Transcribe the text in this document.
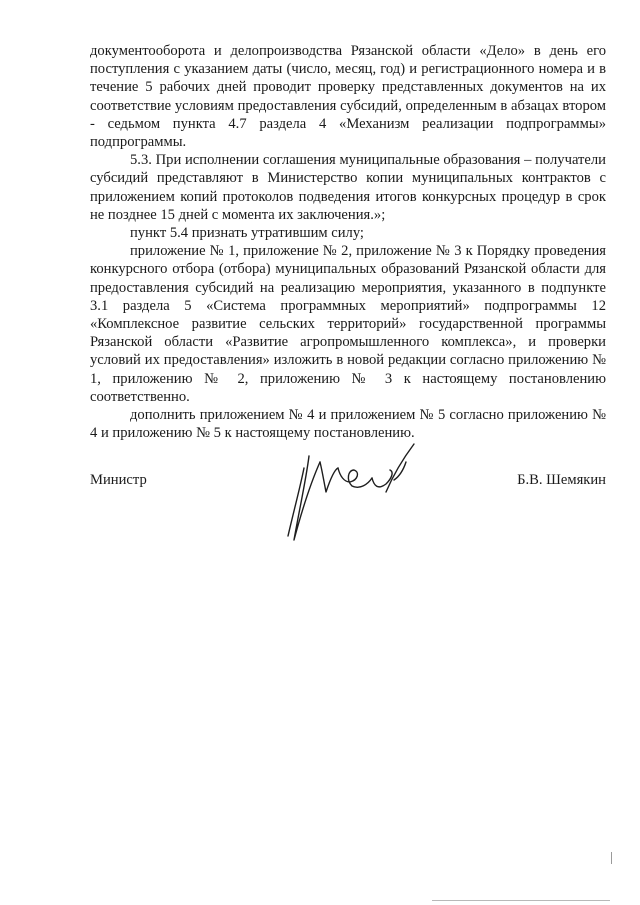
документооборота и делопроизводства Рязанской области «Дело» в день его поступления с указанием даты (число, месяц, год) и регистрационного номера и в течение 5 рабочих дней проводит проверку представленных документов на их соответствие условиям предоставления субсидий, определенным в абзацах втором - седьмом пункта 4.7 раздела 4 «Механизм реализации подпрограммы» подпрограммы.

5.3. При исполнении соглашения муниципальные образования – получатели субсидий представляют в Министерство копии муниципальных контрактов с приложением копий протоколов подведения итогов конкурсных процедур в срок не позднее 15 дней с момента их заключения.»;

пункт 5.4 признать утратившим силу;

приложение № 1, приложение № 2, приложение № 3 к Порядку проведения конкурсного отбора (отбора) муниципальных образований Рязанской области для предоставления субсидий на реализацию мероприятия, указанного в подпункте 3.1 раздела 5 «Система программных мероприятий» подпрограммы 12 «Комплексное развитие сельских территорий» государственной программы Рязанской области «Развитие агропромышленного комплекса», и проверки условий их предоставления» изложить в новой редакции согласно приложению № 1, приложению № 2, приложению № 3 к настоящему постановлению соответственно.

дополнить приложением № 4 и приложением № 5 согласно приложению № 4 и приложению № 5 к настоящему постановлению.

Министр	Б.В. Шемякин
